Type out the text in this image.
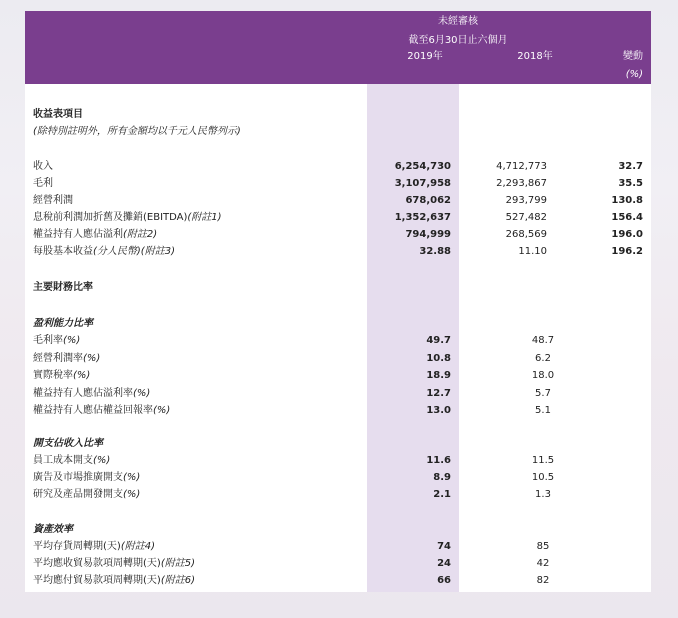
未經審核
截至6月30日止六個月
2019年	2018年	變動
(%)
收益表項目
(除特別註明外，所有金額均以千元人民幣列示)
收入	6,254,730	4,712,773	32.7
毛利	3,107,958	2,293,867	35.5
經營利潤	678,062	293,799	130.8
息稅前利潤加折舊及攤銷(EBITDA)(附註1)	1,352,637	527,482	156.4
權益持有人應佔溢利(附註2)	794,999	268,569	196.0
每股基本收益(分人民幣)(附註3)	32.88	11.10	196.2
主要財務比率
盈利能力比率
毛利率(%)	49.7	48.7
經營利潤率(%)	10.8	6.2
實際稅率(%)	18.9	18.0
權益持有人應佔溢利率(%)	12.7	5.7
權益持有人應佔權益回報率(%)	13.0	5.1
開支佔收入比率
員工成本開支(%)	11.6	11.5
廣告及市場推廣開支(%)	8.9	10.5
研究及產品開發開支(%)	2.1	1.3
資產效率
平均存貨周轉期(天)(附註4)	74	85
平均應收貿易款項周轉期(天)(附註5)	24	42
平均應付貿易款項周轉期(天)(附註6)	66	82
